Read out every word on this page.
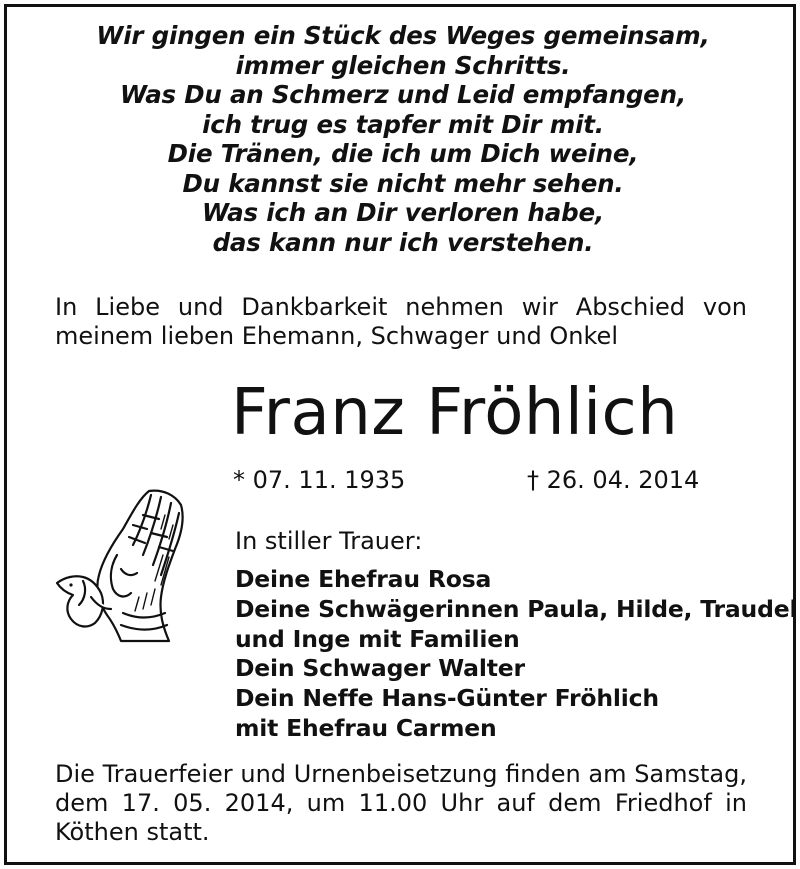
Wir gingen ein Stück des Weges gemeinsam,
immer gleichen Schritts.
Was Du an Schmerz und Leid empfangen,
ich trug es tapfer mit Dir mit.
Die Tränen, die ich um Dich weine,
Du kannst sie nicht mehr sehen.
Was ich an Dir verloren habe,
das kann nur ich verstehen.
In Liebe und Dankbarkeit nehmen wir Abschied von
meinem lieben Ehemann, Schwager und Onkel
Franz Fröhlich
* 07. 11. 1935	† 26. 04. 2014
In stiller Trauer:
Deine Ehefrau Rosa
Deine Schwägerinnen Paula, Hilde, Traudel
und Inge mit Familien
Dein Schwager Walter
Dein Neffe Hans-Günter Fröhlich
mit Ehefrau Carmen
Die Trauerfeier und Urnenbeisetzung finden am Samstag,
dem 17. 05. 2014, um 11.00 Uhr auf dem Friedhof in
Köthen statt.
